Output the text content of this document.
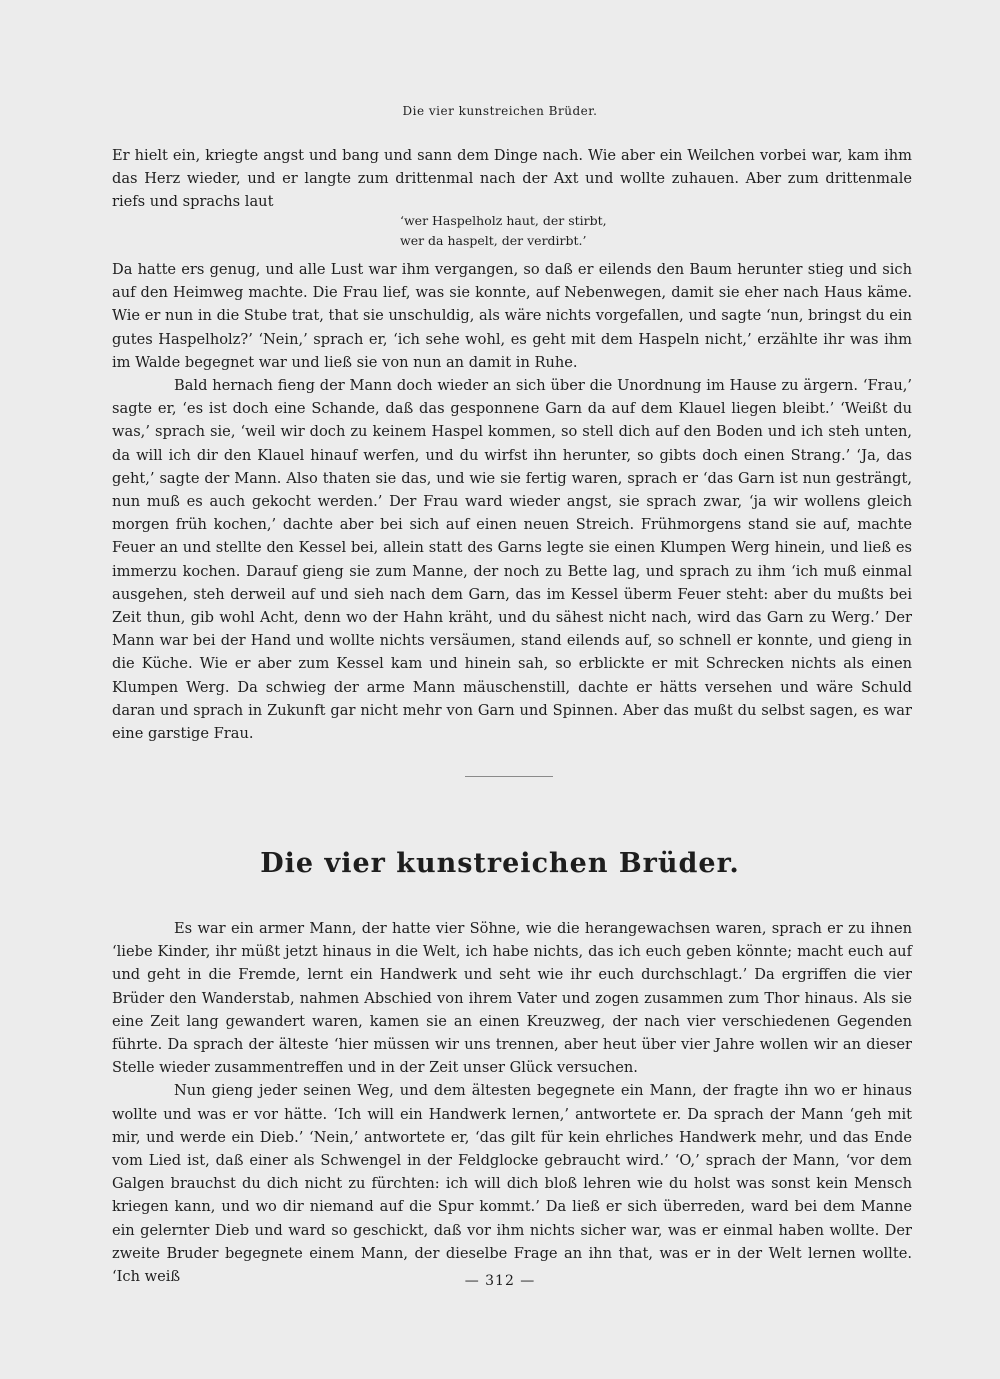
Die vier kunstreichen Brüder.

Er hielt ein, kriegte angst und bang und sann dem Dinge nach. Wie aber ein Weilchen vorbei war, kam ihm das Herz wieder, und er langte zum drittenmal nach der Axt und wollte zuhauen. Aber zum drittenmale riefs und sprachs laut

‘wer Haspelholz haut, der stirbt,
wer da haspelt, der verdirbt.’

Da hatte ers genug, und alle Lust war ihm vergangen, so daß er eilends den Baum herunter stieg und sich auf den Heimweg machte. Die Frau lief, was sie konnte, auf Nebenwegen, damit sie eher nach Haus käme. Wie er nun in die Stube trat, that sie unschuldig, als wäre nichts vorgefallen, und sagte ‘nun, bringst du ein gutes Haspelholz?’ ‘Nein,’ sprach er, ‘ich sehe wohl, es geht mit dem Haspeln nicht,’ erzählte ihr was ihm im Walde begegnet war und ließ sie von nun an damit in Ruhe.

Bald hernach fieng der Mann doch wieder an sich über die Unordnung im Hause zu ärgern. ‘Frau,’ sagte er, ‘es ist doch eine Schande, daß das gesponnene Garn da auf dem Klauel liegen bleibt.’ ‘Weißt du was,’ sprach sie, ‘weil wir doch zu keinem Haspel kommen, so stell dich auf den Boden und ich steh unten, da will ich dir den Klauel hinauf werfen, und du wirfst ihn herunter, so gibts doch einen Strang.’ ‘Ja, das geht,’ sagte der Mann. Also thaten sie das, und wie sie fertig waren, sprach er ‘das Garn ist nun gesträngt, nun muß es auch gekocht werden.’ Der Frau ward wieder angst, sie sprach zwar, ‘ja wir wollens gleich morgen früh kochen,’ dachte aber bei sich auf einen neuen Streich. Frühmorgens stand sie auf, machte Feuer an und stellte den Kessel bei, allein statt des Garns legte sie einen Klumpen Werg hinein, und ließ es immerzu kochen. Darauf gieng sie zum Manne, der noch zu Bette lag, und sprach zu ihm ‘ich muß einmal ausgehen, steh derweil auf und sieh nach dem Garn, das im Kessel überm Feuer steht: aber du mußts bei Zeit thun, gib wohl Acht, denn wo der Hahn kräht, und du sähest nicht nach, wird das Garn zu Werg.’ Der Mann war bei der Hand und wollte nichts versäumen, stand eilends auf, so schnell er konnte, und gieng in die Küche. Wie er aber zum Kessel kam und hinein sah, so erblickte er mit Schrecken nichts als einen Klumpen Werg. Da schwieg der arme Mann mäuschenstill, dachte er hätts versehen und wäre Schuld daran und sprach in Zukunft gar nicht mehr von Garn und Spinnen. Aber das mußt du selbst sagen, es war eine garstige Frau.

Die vier kunstreichen Brüder.

Es war ein armer Mann, der hatte vier Söhne, wie die herangewachsen waren, sprach er zu ihnen ‘liebe Kinder, ihr müßt jetzt hinaus in die Welt, ich habe nichts, das ich euch geben könnte; macht euch auf und geht in die Fremde, lernt ein Handwerk und seht wie ihr euch durchschlagt.’ Da ergriffen die vier Brüder den Wanderstab, nahmen Abschied von ihrem Vater und zogen zusammen zum Thor hinaus. Als sie eine Zeit lang gewandert waren, kamen sie an einen Kreuzweg, der nach vier verschiedenen Gegenden führte. Da sprach der älteste ‘hier müssen wir uns trennen, aber heut über vier Jahre wollen wir an dieser Stelle wieder zusammentreffen und in der Zeit unser Glück versuchen.

Nun gieng jeder seinen Weg, und dem ältesten begegnete ein Mann, der fragte ihn wo er hinaus wollte und was er vor hätte. ‘Ich will ein Handwerk lernen,’ antwortete er. Da sprach der Mann ‘geh mit mir, und werde ein Dieb.’ ‘Nein,’ antwortete er, ‘das gilt für kein ehrliches Handwerk mehr, und das Ende vom Lied ist, daß einer als Schwengel in der Feldglocke gebraucht wird.’ ‘O,’ sprach der Mann, ‘vor dem Galgen brauchst du dich nicht zu fürchten: ich will dich bloß lehren wie du holst was sonst kein Mensch kriegen kann, und wo dir niemand auf die Spur kommt.’ Da ließ er sich überreden, ward bei dem Manne ein gelernter Dieb und ward so geschickt, daß vor ihm nichts sicher war, was er einmal haben wollte. Der zweite Bruder begegnete einem Mann, der dieselbe Frage an ihn that, was er in der Welt lernen wollte. ‘Ich weiß	— 312 —
